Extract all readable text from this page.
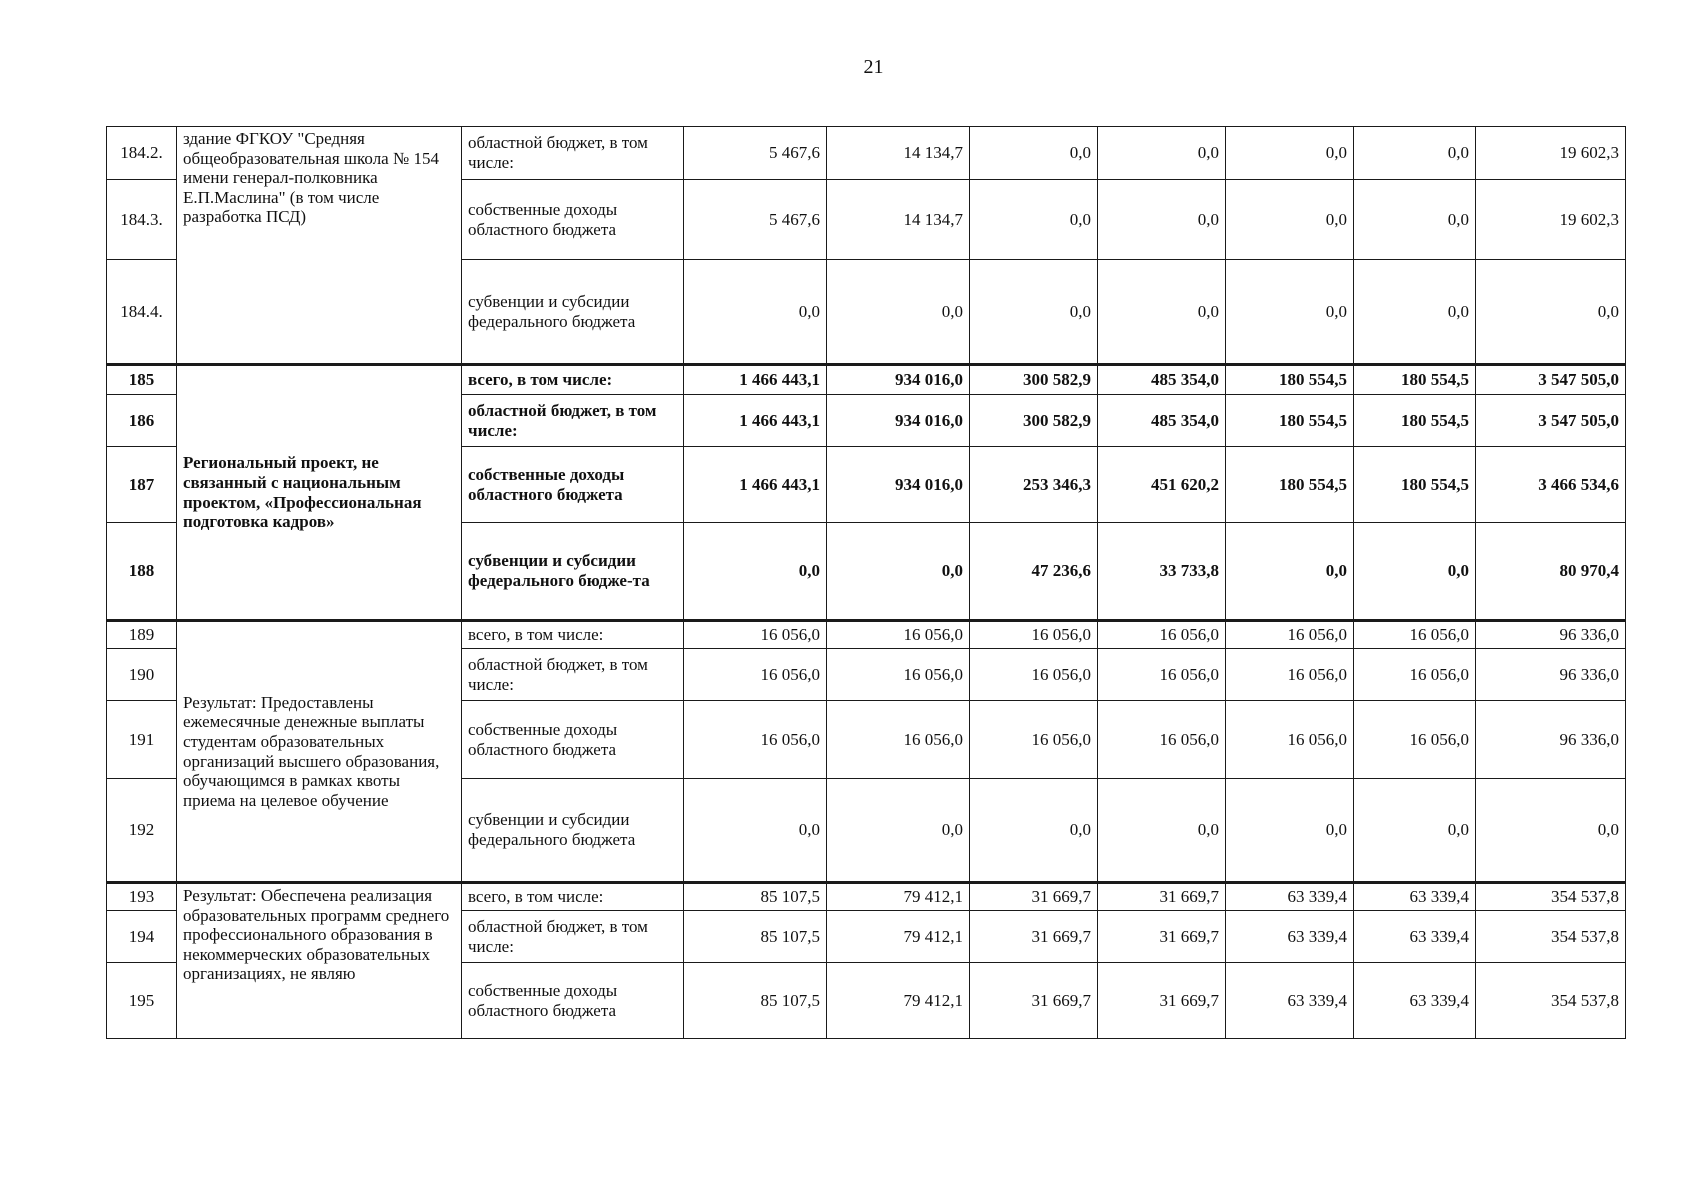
21
184.2.	здание ФГКОУ "Средняя общеобразовательная школа № 154 имени генерал-полковника Е.П.Маслина" (в том числе разработка ПСД)	областной бюджет, в том числе:	5 467,6	14 134,7	0,0	0,0	0,0	0,0	19 602,3
184.3.		собственные доходы областного бюджета	5 467,6	14 134,7	0,0	0,0	0,0	0,0	19 602,3
184.4.		субвенции и субсидии федерального бюджета	0,0	0,0	0,0	0,0	0,0	0,0	0,0
185	Региональный проект, не связанный с национальным проектом, «Профессиональная подготовка кадров»	всего, в том числе:	1 466 443,1	934 016,0	300 582,9	485 354,0	180 554,5	180 554,5	3 547 505,0
186		областной бюджет, в том числе:	1 466 443,1	934 016,0	300 582,9	485 354,0	180 554,5	180 554,5	3 547 505,0
187		собственные доходы областного бюджета	1 466 443,1	934 016,0	253 346,3	451 620,2	180 554,5	180 554,5	3 466 534,6
188		субвенции и субсидии федерального бюдже-та	0,0	0,0	47 236,6	33 733,8	0,0	0,0	80 970,4
189	Результат: Предоставлены ежемесячные денежные выплаты студентам образовательных организаций высшего образования, обучающимся в рамках квоты приема на целевое обучение	всего, в том числе:	16 056,0	16 056,0	16 056,0	16 056,0	16 056,0	16 056,0	96 336,0
190		областной бюджет, в том числе:	16 056,0	16 056,0	16 056,0	16 056,0	16 056,0	16 056,0	96 336,0
191		собственные доходы областного бюджета	16 056,0	16 056,0	16 056,0	16 056,0	16 056,0	16 056,0	96 336,0
192		субвенции и субсидии федерального бюджета	0,0	0,0	0,0	0,0	0,0	0,0	0,0
193	Результат: Обеспечена реализация образовательных программ среднего профессионального образования в некоммерческих образовательных организациях, не являю	всего, в том числе:	85 107,5	79 412,1	31 669,7	31 669,7	63 339,4	63 339,4	354 537,8
194		областной бюджет, в том числе:	85 107,5	79 412,1	31 669,7	31 669,7	63 339,4	63 339,4	354 537,8
195		собственные доходы областного бюджета	85 107,5	79 412,1	31 669,7	31 669,7	63 339,4	63 339,4	354 537,8
